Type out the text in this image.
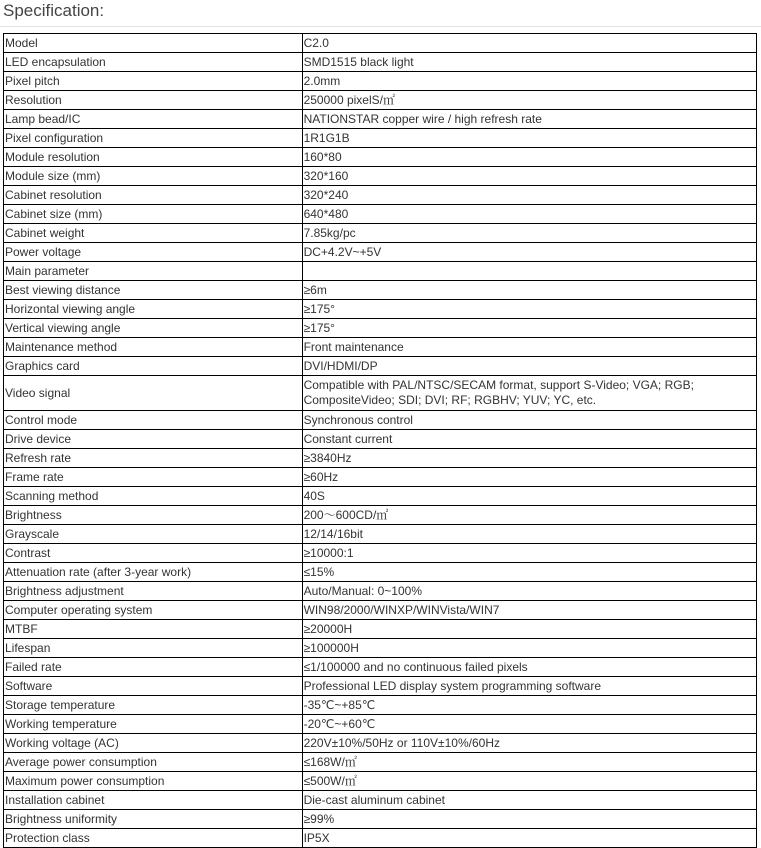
Specification:
Model	C2.0
LED encapsulation	SMD1515 black light
Pixel pitch	2.0mm
Resolution	250000 pixelS/㎡
Lamp bead/IC	NATIONSTAR copper wire / high refresh rate
Pixel configuration	1R1G1B
Module resolution	160*80
Module size (mm)	320*160
Cabinet resolution	320*240
Cabinet size (mm)	640*480
Cabinet weight	7.85kg/pc
Power voltage	DC+4.2V~+5V
Main parameter	
Best viewing distance	≥6m
Horizontal viewing angle	≥175°
Vertical viewing angle	≥175°
Maintenance method	Front maintenance
Graphics card	DVI/HDMI/DP
Video signal	Compatible with PAL/NTSC/SECAM format, support S-Video; VGA; RGB; CompositeVideo; SDI; DVI; RF; RGBHV; YUV; YC, etc.
Control mode	Synchronous control
Drive device	Constant current
Refresh rate	≥3840Hz
Frame rate	≥60Hz
Scanning method	40S
Brightness	200～600CD/㎡
Grayscale	12/14/16bit
Contrast	≥10000:1
Attenuation rate (after 3-year work)	≤15%
Brightness adjustment	Auto/Manual: 0~100%
Computer operating system	WIN98/2000/WINXP/WINVista/WIN7
MTBF	≥20000H
Lifespan	≥100000H
Failed rate	≤1/100000 and no continuous failed pixels
Software	Professional LED display system programming software
Storage temperature	-35℃~+85℃
Working temperature	-20℃~+60℃
Working voltage (AC)	220V±10%/50Hz or 110V±10%/60Hz
Average power consumption	≤168W/㎡
Maximum power consumption	≤500W/㎡
Installation cabinet	Die-cast aluminum cabinet
Brightness uniformity	≥99%
Protection class	IP5X
